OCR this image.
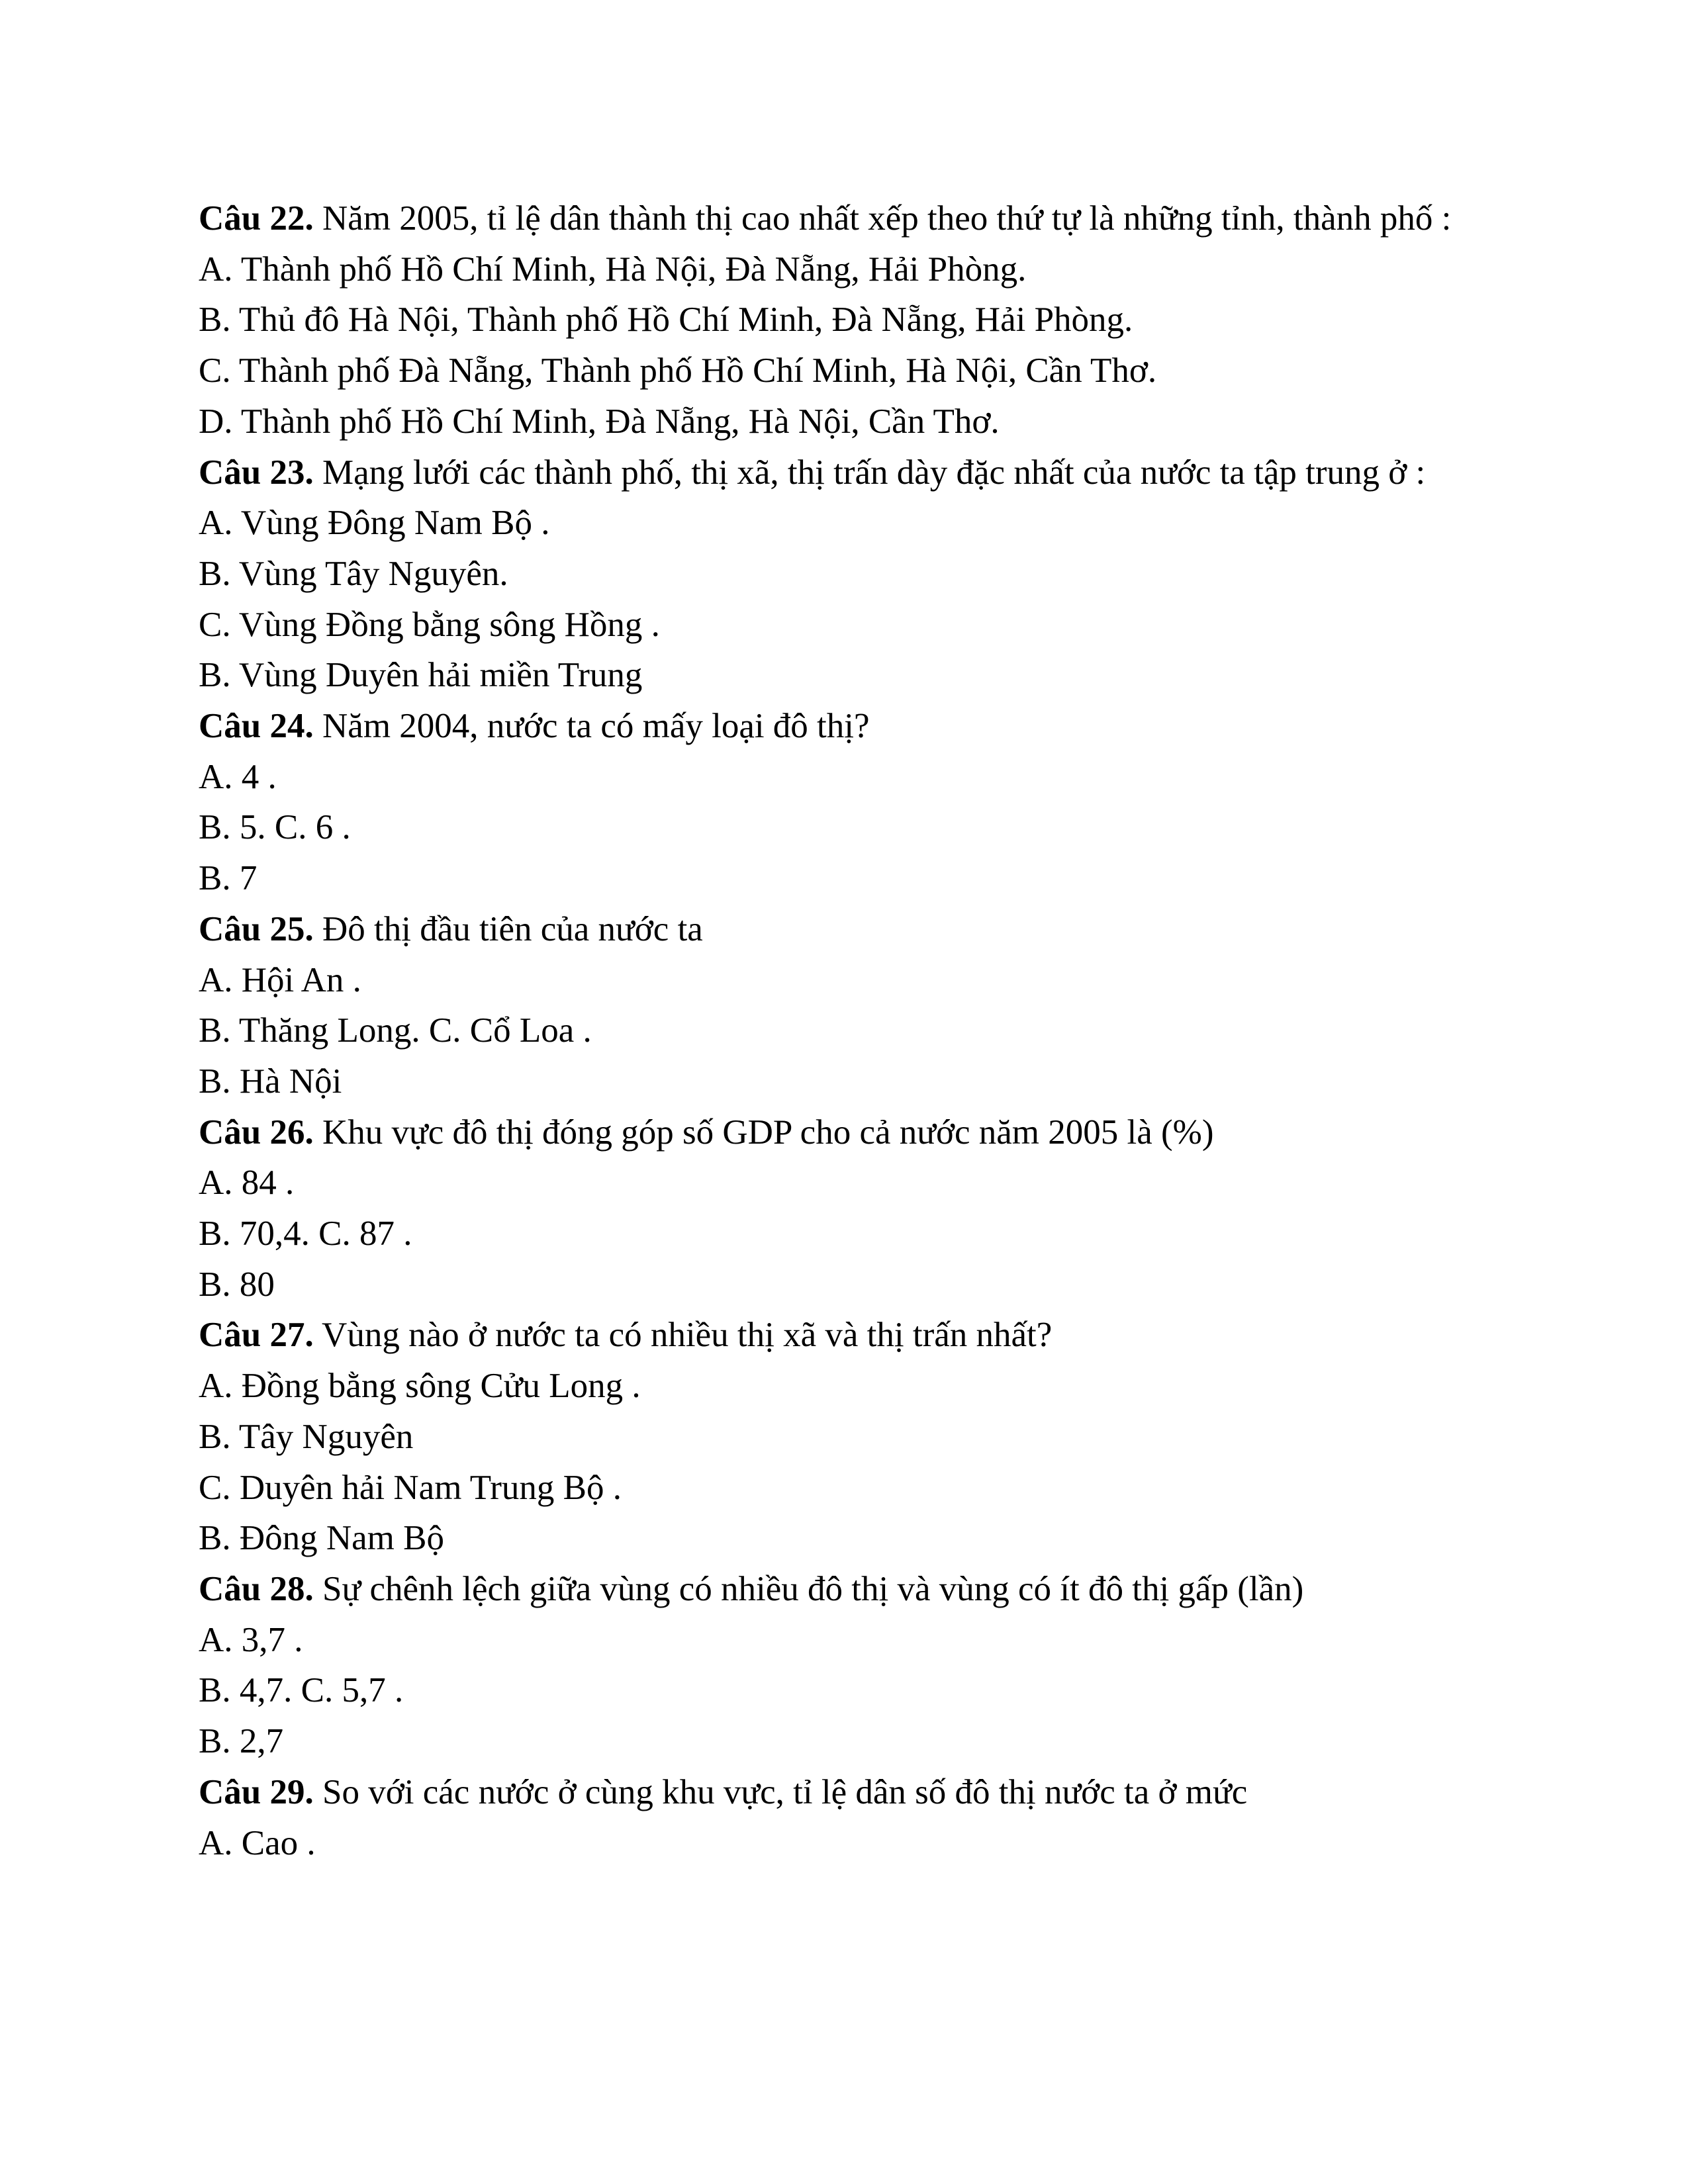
Câu 22. Năm 2005, tỉ lệ dân thành thị cao nhất xếp theo thứ tự là những tỉnh, thành phố :

A. Thành phố Hồ Chí Minh, Hà Nội, Đà Nẵng, Hải Phòng.

B. Thủ đô Hà Nội, Thành phố Hồ Chí Minh, Đà Nẵng, Hải Phòng.

C. Thành phố Đà Nẵng, Thành phố Hồ Chí Minh, Hà Nội, Cần Thơ.

D. Thành phố Hồ Chí Minh, Đà Nẵng, Hà Nội, Cần Thơ.

Câu 23. Mạng lưới các thành phố, thị xã, thị trấn dày đặc nhất của nước ta tập trung ở :

A. Vùng Đông Nam Bộ .

B. Vùng Tây Nguyên.

C. Vùng Đồng bằng sông Hồng .

B. Vùng Duyên hải miền Trung

Câu 24. Năm 2004, nước ta có mấy loại đô thị?

A. 4 .

B. 5. C. 6 .

B. 7

Câu 25. Đô thị đầu tiên của nước ta

A. Hội An .

B. Thăng Long. C. Cổ Loa .

B. Hà Nội

Câu 26. Khu vực đô thị đóng góp số GDP cho cả nước năm 2005 là (%)

A. 84 .

B. 70,4. C. 87 .

B. 80

Câu 27. Vùng nào ở nước ta có nhiều thị xã và thị trấn nhất?

A. Đồng bằng sông Cửu Long .

B. Tây Nguyên

C. Duyên hải Nam Trung Bộ .

B. Đông Nam Bộ

Câu 28. Sự chênh lệch giữa vùng có nhiều đô thị và vùng có ít đô thị gấp (lần)

A. 3,7 .

B. 4,7. C. 5,7 .

B. 2,7

Câu 29. So với các nước ở cùng khu vực, tỉ lệ dân số đô thị nước ta ở mức

A. Cao .
